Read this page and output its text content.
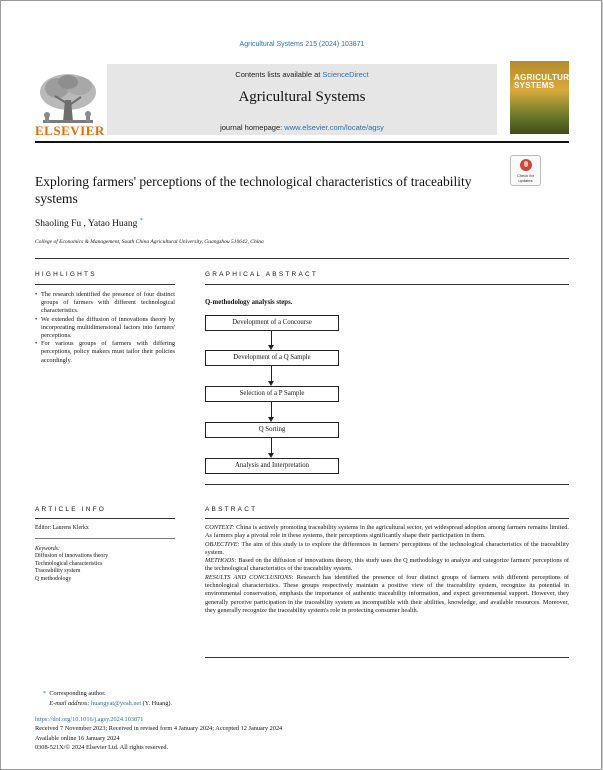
Agricultural Systems 215 (2024) 103871
ELSEVIER
Contents lists available at ScienceDirect
Agricultural Systems
journal homepage: www.elsevier.com/locate/agsy
AGRICULTURAL
SYSTEMS
Exploring farmers' perceptions of the technological characteristics of traceability systems
Check for
updates
Shaoling Fu , Yatao Huang *
College of Economics & Management, South China Agricultural University, Guangzhou 510642, China
HIGHLIGHTS
• The research identified the presence of four distinct groups of farmers with different technological characteristics.
• We extended the diffusion of innovations theory by incorporating multidimensional factors into farmers' perceptions.
• For various groups of farmers with differing perceptions, policy makers must tailor their policies accordingly.
GRAPHICAL ABSTRACT
Q-methodology analysis steps.
Development of a Concourse
Development of a Q Sample
Selection of a P Sample
Q Sorting
Analysis and Interpretation
ARTICLE INFO
Editor: Laurens Klerkx
Keywords:
Diffusion of innovations theory
Technological characteristics
Traceability system
Q methodology
ABSTRACT

CONTEXT: China is actively promoting traceability systems in the agricultural sector, yet widespread adoption among farmers remains limited. As farmers play a pivotal role in these systems, their perceptions significantly shape their participation in them.

OBJECTIVE: The aim of this study is to explore the differences in farmers' perceptions of the technological characteristics of the traceability system.

METHODS: Based on the diffusion of innovations theory, this study uses the Q methodology to analyze and categorize farmers' perceptions of the technological characteristics of the traceability system.

RESULTS AND CONCLUSIONS: Research has identified the presence of four distinct groups of farmers with different perceptions of technological characteristics. These groups respectively maintain a positive view of the traceability system, recognize its potential in environmental conservation, emphasis the importance of authentic traceability information, and expect governmental support. However, they generally perceive participation in the traceability system as incompatible with their abilities, knowledge, and available resources. Moreover, they generally recognize the traceability system's role in protecting consumer health.

* Corresponding author.
E-mail address: huangyat@yeah.net (Y. Huang).
https://doi.org/10.1016/j.agsy.2024.103871
Received 7 November 2023; Received in revised form 4 January 2024; Accepted 12 January 2024
Available online 16 January 2024
0308-521X/© 2024 Elsevier Ltd. All rights reserved.
